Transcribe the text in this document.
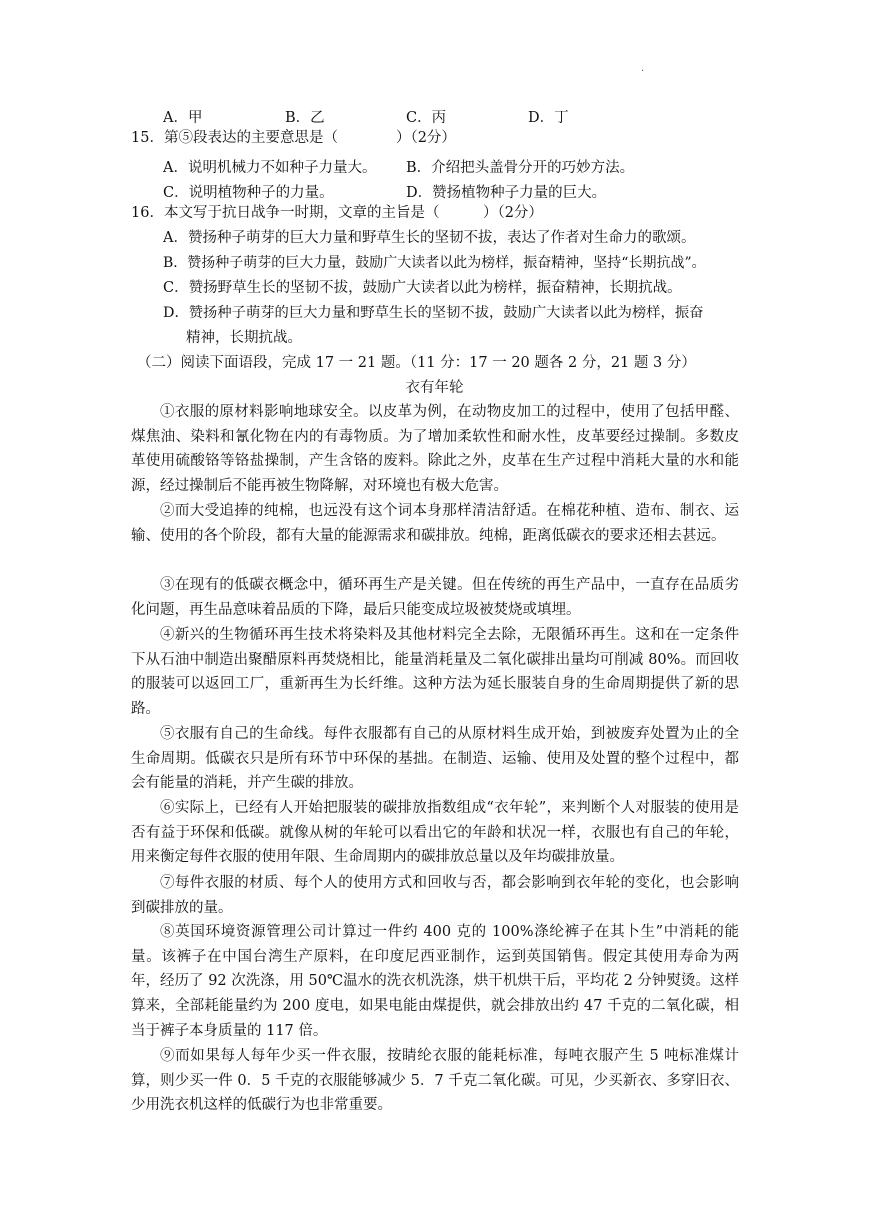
·
A．甲	B．乙	C．丙	D．丁
15．第⑤段表达的主要意思是（　　　　）（2分）
A．说明机械力不如种子力量大。 B．介绍把头盖骨分开的巧妙方法。
C．说明植物种子的力量。	D．赞扬植物种子力量的巨大。
16．本文写于抗日战争一时期，文章的主旨是（　　　）（2分）
A．赞扬种子萌芽的巨大力量和野草生长的坚韧不拔，表达了作者对生命力的歌颂。
B．赞扬种子萌芽的巨大力量，鼓励广大读者以此为榜样，振奋精神，坚持“长期抗战”。
C．赞扬野草生长的坚韧不拔，鼓励广大读者以此为榜样，振奋精神，长期抗战。
D．赞扬种子萌芽的巨大力量和野草生长的坚韧不拔，鼓励广大读者以此为榜样，振奋
精神，长期抗战。
（二）阅读下面语段，完成 17 一 21 题。（11 分：17 一 20 题各 2 分，21 题 3 分）
衣有年轮

①衣服的原材料影响地球安全。以皮革为例，在动物皮加工的过程中，使用了包括甲醛、煤焦油、染料和氰化物在内的有毒物质。为了增加柔软性和耐水性，皮革要经过操制。多数皮革使用硫酸铬等铬盐操制，产生含铬的废料。除此之外，皮革在生产过程中消耗大量的水和能源，经过操制后不能再被生物降解，对环境也有极大危害。

②而大受追捧的纯棉，也远没有这个词本身那样清洁舒适。在棉花种植、造布、制衣、运输、使用的各个阶段，都有大量的能源需求和碳排放。纯棉，距离低碳衣的要求还相去甚远。

③在现有的低碳衣概念中，循环再生产是关键。但在传统的再生产品中，一直存在品质劣化问题，再生品意味着品质的下降，最后只能变成垃圾被焚烧或填埋。

④新兴的生物循环再生技术将染料及其他材料完全去除，无限循环再生。这和在一定条件下从石油中制造出聚醋原料再焚烧相比，能量消耗量及二氧化碳排出量均可削减 80%。而回收的服装可以返回工厂，重新再生为长纤维。这种方法为延长服装自身的生命周期提供了新的思路。

⑤衣服有自己的生命线。每件衣服都有自己的从原材料生成开始，到被废弃处置为止的全生命周期。低碳衣只是所有环节中环保的基拙。在制造、运输、使用及处置的整个过程中，都会有能量的消耗，并产生碳的排放。

⑥实际上，已经有人开始把服装的碳排放指数组成“衣年轮”，来判断个人对服装的使用是否有益于环保和低碳。就像从树的年轮可以看出它的年龄和状况一样，衣服也有自己的年轮，用来衡定每件衣服的使用年限、生命周期内的碳排放总量以及年均碳排放量。

⑦每件衣服的材质、每个人的使用方式和回收与否，都会影响到衣年轮的变化，也会影响到碳排放的量。

⑧英国环境资源管理公司计算过一件约 400 克的 100%涤纶裤子在其卜生”中消耗的能量。该裤子在中国台湾生产原料，在印度尼西亚制作，运到英国销售。假定其使用寿命为两年，经历了 92 次洗涤，用 50℃温水的洗衣机洗涤，烘干机烘干后，平均花 2 分钟熨烫。这样算来，全部耗能量约为 200 度电，如果电能由煤提供，就会排放出约 47 千克的二氧化碳，相当于裤子本身质量的 117 倍。

⑨而如果每人每年少买一件衣服，按睛纶衣服的能耗标准，每吨衣服产生 5 吨标准煤计算，则少买一件 0．5 千克的衣服能够减少 5．7 千克二氧化碳。可见，少买新衣、多穿旧衣、少用洗衣机这样的低碳行为也非常重要。
